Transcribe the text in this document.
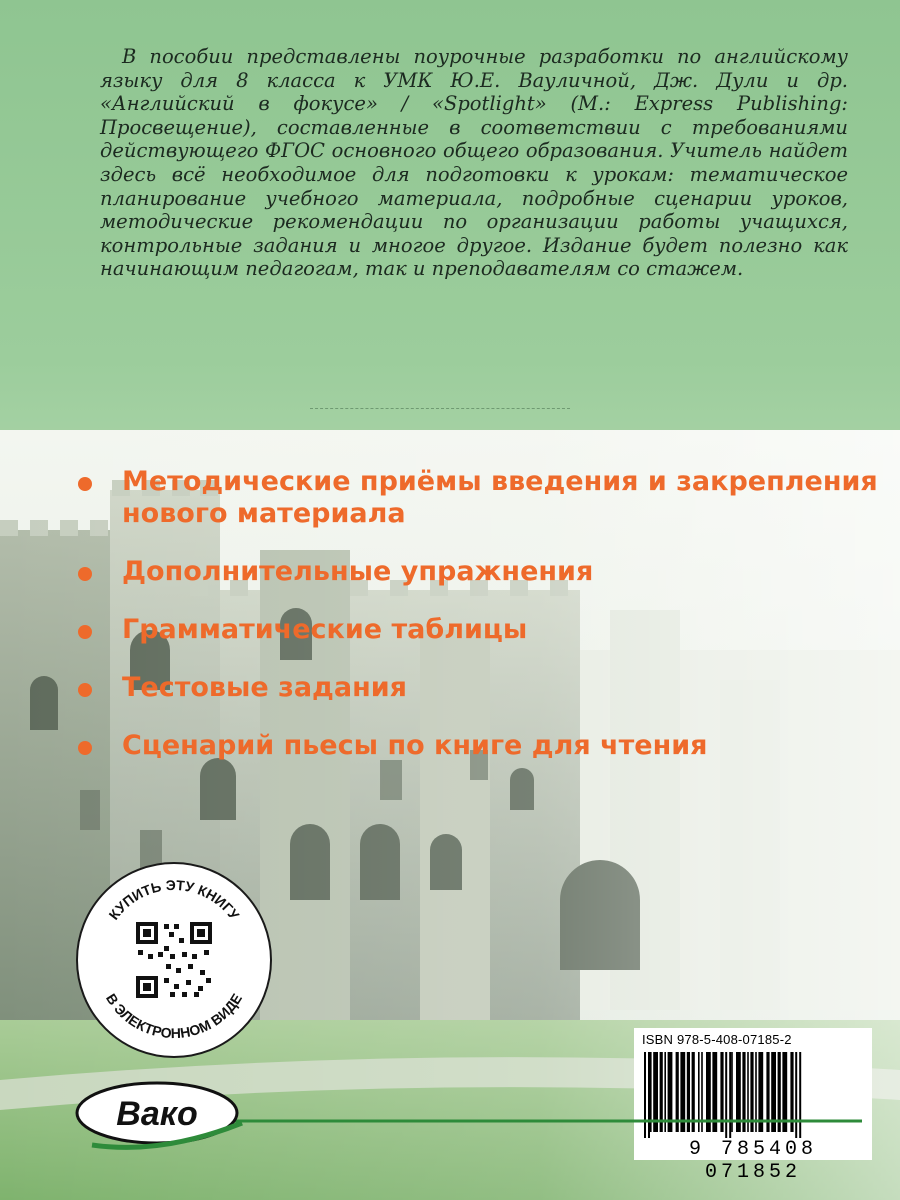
В пособии представлены поурочные разработки по английскому языку для 8 класса к УМК Ю.Е. Вауличной, Дж. Дули и др. «Английский в фокусе» / «Spotlight» (М.: Express Publishing: Просвещение), составленные в соответствии с требованиями действующего ФГОС основного общего образования. Учитель найдет здесь всё необходимое для подготовки к урокам: тематическое планирование учебного материала, подробные сценарии уроков, методические рекомендации по организации работы учащихся, контрольные задания и многое другое. Издание будет полезно как начинающим педагогам, так и преподавателям со стажем.

Методические приёмы введения и закрепления нового материала
Дополнительные упражнения
Грамматические таблицы
Тестовые задания
Сценарий пьесы по книге для чтения
КУПИТЬ ЭТУ КНИГУ
В ЭЛЕКТРОННОМ ВИДЕ
ISBN 978-5-408-07185-2
9 785408 071852
Вако
